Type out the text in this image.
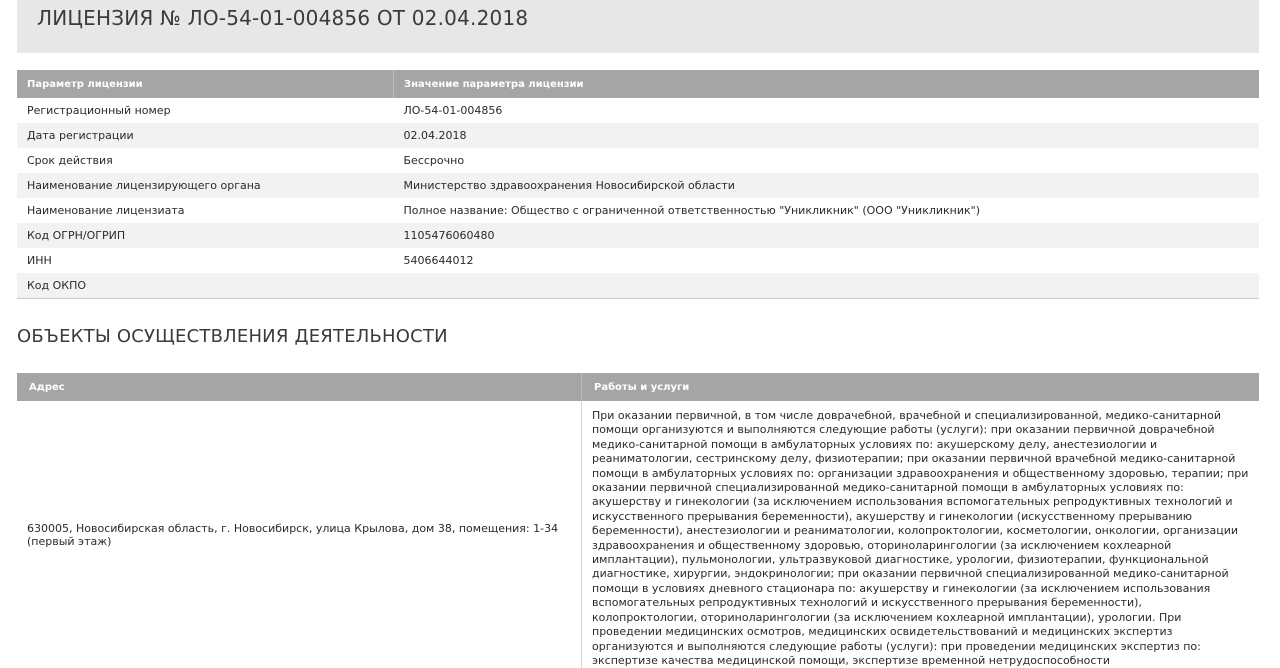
ЛИЦЕНЗИЯ № ЛО-54-01-004856 ОТ 02.04.2018
Параметр лицензии	Значение параметра лицензии
Регистрационный номер	ЛО-54-01-004856
Дата регистрации	02.04.2018
Срок действия	Бессрочно
Наименование лицензирующего органа	Министерство здравоохранения Новосибирской области
Наименование лицензиата	Полное название: Общество с ограниченной ответственностью "Уникликник" (ООО "Уникликник")
Код ОГРН/ОГРИП	1105476060480
ИНН	5406644012
Код ОКПО	
ОБЪЕКТЫ ОСУЩЕСТВЛЕНИЯ ДЕЯТЕЛЬНОСТИ
Адрес	Работы и услуги
630005, Новосибирская область, г. Новосибирск, улица Крылова, дом 38, помещения: 1-34 (первый этаж)	При оказании первичной, в том числе доврачебной, врачебной и специализированной, медико-санитарной помощи организуются и выполняются следующие работы (услуги): при оказании первичной доврачебной медико-санитарной помощи в амбулаторных условиях по: акушерскому делу, анестезиологии и реаниматологии, сестринскому делу, физиотерапии; при оказании первичной врачебной медико-санитарной помощи в амбулаторных условиях по: организации здравоохранения и общественному здоровью, терапии; при оказании первичной специализированной медико-санитарной помощи в амбулаторных условиях по: акушерству и гинекологии (за исключением использования вспомогательных репродуктивных технологий и искусственного прерывания беременности), акушерству и гинекологии (искусственному прерыванию беременности), анестезиологии и реаниматологии, колопроктологии, косметологии, онкологии, организации здравоохранения и общественному здоровью, оториноларингологии (за исключением кохлеарной имплантации), пульмонологии, ультразвуковой диагностике, урологии, физиотерапии, функциональной диагностике, хирургии, эндокринологии; при оказании первичной специализированной медико-санитарной помощи в условиях дневного стационара по: акушерству и гинекологии (за исключением использования вспомогательных репродуктивных технологий и искусственного прерывания беременности), колопроктологии, оториноларингологии (за исключением кохлеарной имплантации), урологии. При проведении медицинских осмотров, медицинских освидетельствований и медицинских экспертиз организуются и выполняются следующие работы (услуги): при проведении медицинских экспертиз по: экспертизе качества медицинской помощи, экспертизе временной нетрудоспособности
